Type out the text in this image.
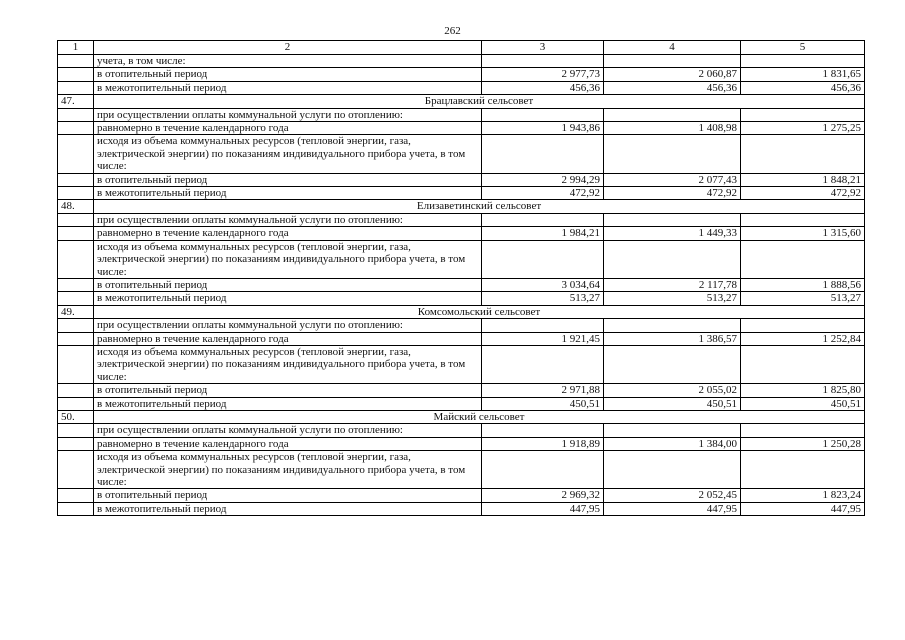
262
1	2	3	4	5
	учета, в том числе:			
	в отопительный период	2 977,73	2 060,87	1 831,65
	в межотопительный период	456,36	456,36	456,36
47.	Брацлавский сельсовет			
	при осуществлении оплаты коммунальной услуги по отоплению:			
	равномерно в течение календарного года	1 943,86	1 408,98	1 275,25
	исходя из объема коммунальных ресурсов (тепловой энергии, газа, электрической энергии) по показаниям индивидуального прибора учета, в том числе:			
	в отопительный период	2 994,29	2 077,43	1 848,21
	в межотопительный период	472,92	472,92	472,92
48.	Елизаветинский сельсовет			
	при осуществлении оплаты коммунальной услуги по отоплению:			
	равномерно в течение календарного года	1 984,21	1 449,33	1 315,60
	исходя из объема коммунальных ресурсов (тепловой энергии, газа, электрической энергии) по показаниям индивидуального прибора учета, в том числе:			
	в отопительный период	3 034,64	2 117,78	1 888,56
	в межотопительный период	513,27	513,27	513,27
49.	Комсомольский сельсовет			
	при осуществлении оплаты коммунальной услуги по отоплению:			
	равномерно в течение календарного года	1 921,45	1 386,57	1 252,84
	исходя из объема коммунальных ресурсов (тепловой энергии, газа, электрической энергии) по показаниям индивидуального прибора учета, в том числе:			
	в отопительный период	2 971,88	2 055,02	1 825,80
	в межотопительный период	450,51	450,51	450,51
50.	Майский сельсовет			
	при осуществлении оплаты коммунальной услуги по отоплению:			
	равномерно в течение календарного года	1 918,89	1 384,00	1 250,28
	исходя из объема коммунальных ресурсов (тепловой энергии, газа, электрической энергии) по показаниям индивидуального прибора учета, в том числе:			
	в отопительный период	2 969,32	2 052,45	1 823,24
	в межотопительный период	447,95	447,95	447,95
